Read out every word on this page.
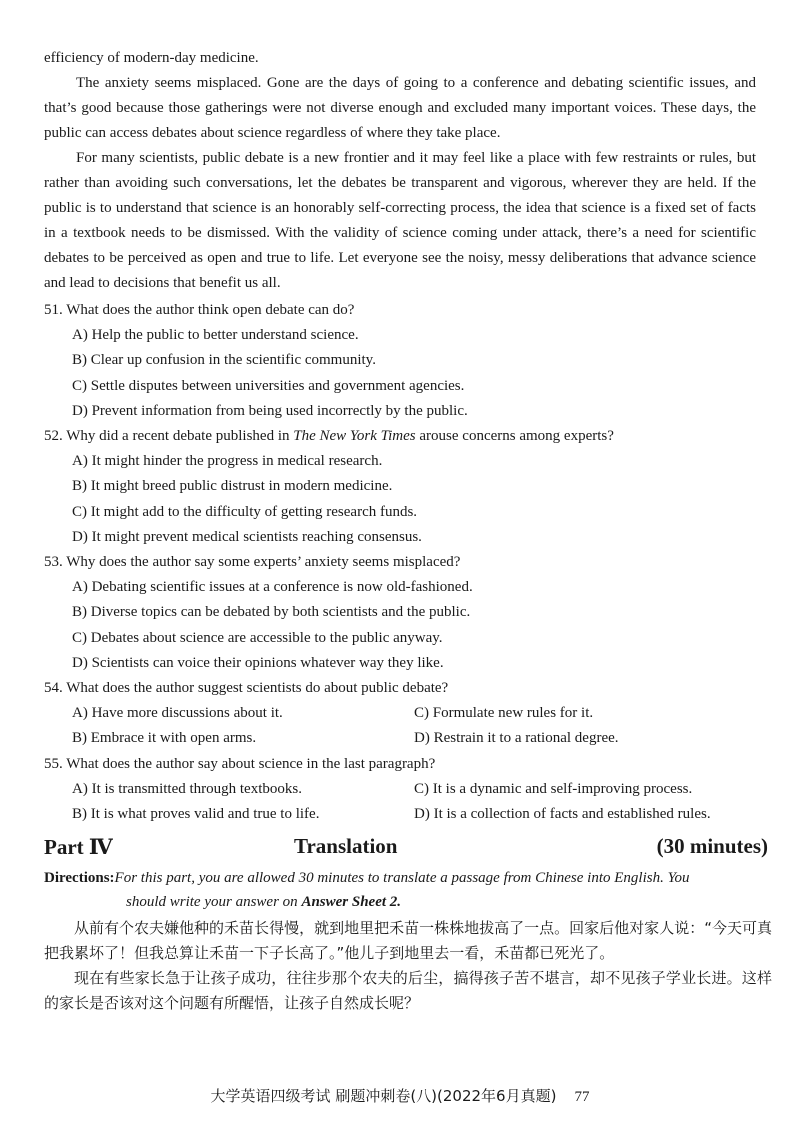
efficiency of modern-day medicine.

The anxiety seems misplaced. Gone are the days of going to a conference and debating scientific issues, and that’s good because those gatherings were not diverse enough and excluded many important voices. These days, the public can access debates about science regardless of where they take place.

For many scientists, public debate is a new frontier and it may feel like a place with few restraints or rules, but rather than avoiding such conversations, let the debates be transparent and vigorous, wherever they are held. If the public is to understand that science is an honorably self-correcting process, the idea that science is a fixed set of facts in a textbook needs to be dismissed. With the validity of science coming under attack, there’s a need for scientific debates to be perceived as open and true to life. Let everyone see the noisy, messy deliberations that advance science and lead to decisions that benefit us all.

51. What does the author think open debate can do?
A) Help the public to better understand science.
B) Clear up confusion in the scientific community.
C) Settle disputes between universities and government agencies.
D) Prevent information from being used incorrectly by the public.
52. Why did a recent debate published in The New York Times arouse concerns among experts?
A) It might hinder the progress in medical research.
B) It might breed public distrust in modern medicine.
C) It might add to the difficulty of getting research funds.
D) It might prevent medical scientists reaching consensus.
53. Why does the author say some experts’ anxiety seems misplaced?
A) Debating scientific issues at a conference is now old-fashioned.
B) Diverse topics can be debated by both scientists and the public.
C) Debates about science are accessible to the public anyway.
D) Scientists can voice their opinions whatever way they like.
54. What does the author suggest scientists do about public debate?
A) Have more discussions about it.	C) Formulate new rules for it.
B) Embrace it with open arms.	D) Restrain it to a rational degree.
55. What does the author say about science in the last paragraph?
A) It is transmitted through textbooks.	C) It is a dynamic and self-improving process.
B) It is what proves valid and true to life.	D) It is a collection of facts and established rules.
Part Ⅳ	Translation	(30 minutes)
Directions:For this part, you are allowed 30 minutes to translate a passage from Chinese into English. You
should write your answer on Answer Sheet 2.

从前有个农夫嫌他种的禾苗长得慢，就到地里把禾苗一株株地拔高了一点。回家后他对家人说：“今天可真把我累坏了！但我总算让禾苗一下子长高了。”他儿子到地里去一看，禾苗都已死光了。

现在有些家长急于让孩子成功，往往步那个农夫的后尘，搞得孩子苦不堪言，却不见孩子学业长进。这样的家长是否该对这个问题有所醒悟，让孩子自然成长呢？

大学英语四级考试 刷题冲刺卷(八)(2022年6月真题) 77
